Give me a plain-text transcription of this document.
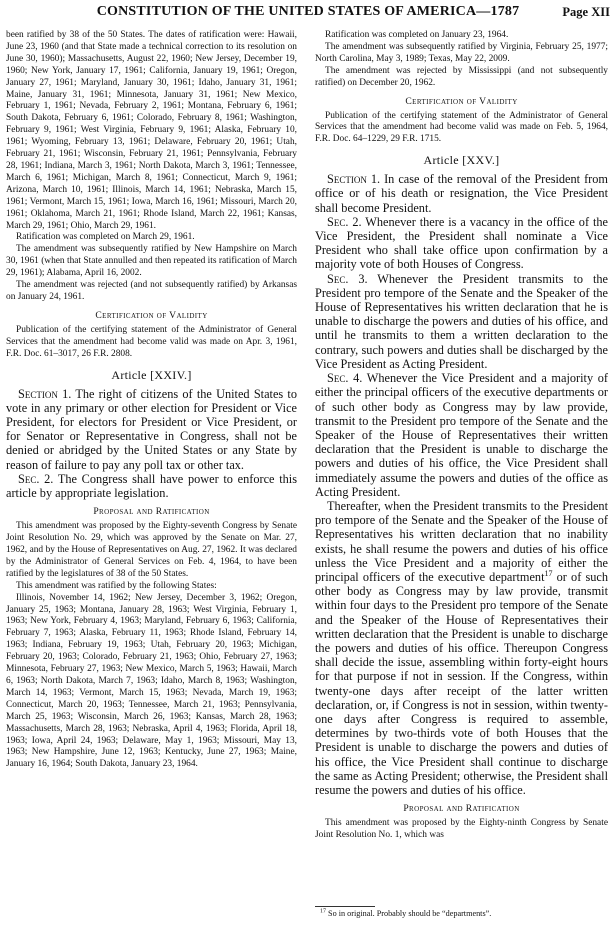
CONSTITUTION OF THE UNITED STATES OF AMERICA—1787	Page XII

been ratified by 38 of the 50 States. The dates of ratification were: Hawaii, June 23, 1960 (and that State made a technical correction to its resolution on June 30, 1960); Massachusetts, August 22, 1960; New Jersey, December 19, 1960; New York, January 17, 1961; California, January 19, 1961; Oregon, January 27, 1961; Maryland, January 30, 1961; Idaho, January 31, 1961; Maine, January 31, 1961; Minnesota, January 31, 1961; New Mexico, February 1, 1961; Nevada, February 2, 1961; Montana, February 6, 1961; South Dakota, February 6, 1961; Colorado, February 8, 1961; Washington, February 9, 1961; West Virginia, February 9, 1961; Alaska, February 10, 1961; Wyoming, February 13, 1961; Delaware, February 20, 1961; Utah, February 21, 1961; Wisconsin, February 21, 1961; Pennsylvania, February 28, 1961; Indiana, March 3, 1961; North Dakota, March 3, 1961; Tennessee, March 6, 1961; Michigan, March 8, 1961; Connecticut, March 9, 1961; Arizona, March 10, 1961; Illinois, March 14, 1961; Nebraska, March 15, 1961; Vermont, March 15, 1961; Iowa, March 16, 1961; Missouri, March 20, 1961; Oklahoma, March 21, 1961; Rhode Island, March 22, 1961; Kansas, March 29, 1961; Ohio, March 29, 1961.

Ratification was completed on March 29, 1961.

The amendment was subsequently ratified by New Hampshire on March 30, 1961 (when that State annulled and then repeated its ratification of March 29, 1961); Alabama, April 16, 2002.

The amendment was rejected (and not subsequently ratified) by Arkansas on January 24, 1961.

Certification of Validity

Publication of the certifying statement of the Administrator of General Services that the amendment had become valid was made on Apr. 3, 1961, F.R. Doc. 61–3017, 26 F.R. 2808.

Article [XXIV.]

Section 1. The right of citizens of the United States to vote in any primary or other election for President or Vice President, for electors for President or Vice President, or for Senator or Representative in Congress, shall not be denied or abridged by the United States or any State by reason of failure to pay any poll tax or other tax.

Sec. 2. The Congress shall have power to enforce this article by appropriate legislation.

Proposal and Ratification

This amendment was proposed by the Eighty-seventh Congress by Senate Joint Resolution No. 29, which was approved by the Senate on Mar. 27, 1962, and by the House of Representatives on Aug. 27, 1962. It was declared by the Administrator of General Services on Feb. 4, 1964, to have been ratified by the legislatures of 38 of the 50 States.

This amendment was ratified by the following States:

Illinois, November 14, 1962; New Jersey, December 3, 1962; Oregon, January 25, 1963; Montana, January 28, 1963; West Virginia, February 1, 1963; New York, February 4, 1963; Maryland, February 6, 1963; California, February 7, 1963; Alaska, February 11, 1963; Rhode Island, February 14, 1963; Indiana, February 19, 1963; Utah, February 20, 1963; Michigan, February 20, 1963; Colorado, February 21, 1963; Ohio, February 27, 1963; Minnesota, February 27, 1963; New Mexico, March 5, 1963; Hawaii, March 6, 1963; North Dakota, March 7, 1963; Idaho, March 8, 1963; Washington, March 14, 1963; Vermont, March 15, 1963; Nevada, March 19, 1963; Connecticut, March 20, 1963; Tennessee, March 21, 1963; Pennsylvania, March 25, 1963; Wisconsin, March 26, 1963; Kansas, March 28, 1963; Massachusetts, March 28, 1963; Nebraska, April 4, 1963; Florida, April 18, 1963; Iowa, April 24, 1963; Delaware, May 1, 1963; Missouri, May 13, 1963; New Hampshire, June 12, 1963; Kentucky, June 27, 1963; Maine, January 16, 1964; South Dakota, January 23, 1964.

Ratification was completed on January 23, 1964.

The amendment was subsequently ratified by Virginia, February 25, 1977; North Carolina, May 3, 1989; Texas, May 22, 2009.

The amendment was rejected by Mississippi (and not subsequently ratified) on December 20, 1962.

Certification of Validity

Publication of the certifying statement of the Administrator of General Services that the amendment had become valid was made on Feb. 5, 1964, F.R. Doc. 64–1229, 29 F.R. 1715.

Article [XXV.]

Section 1. In case of the removal of the President from office or of his death or resignation, the Vice President shall become President.

Sec. 2. Whenever there is a vacancy in the office of the Vice President, the President shall nominate a Vice President who shall take office upon confirmation by a majority vote of both Houses of Congress.

Sec. 3. Whenever the President transmits to the President pro tempore of the Senate and the Speaker of the House of Representatives his written declaration that he is unable to discharge the powers and duties of his office, and until he transmits to them a written declaration to the contrary, such powers and duties shall be discharged by the Vice President as Acting President.

Sec. 4. Whenever the Vice President and a majority of either the principal officers of the executive departments or of such other body as Congress may by law provide, transmit to the President pro tempore of the Senate and the Speaker of the House of Representatives their written declaration that the President is unable to discharge the powers and duties of his office, the Vice President shall immediately assume the powers and duties of the office as Acting President.

Thereafter, when the President transmits to the President pro tempore of the Senate and the Speaker of the House of Representatives his written declaration that no inability exists, he shall resume the powers and duties of his office unless the Vice President and a majority of either the principal officers of the executive department$^{17}$ or of such other body as Congress may by law provide, transmit within four days to the President pro tempore of the Senate and the Speaker of the House of Representatives their written declaration that the President is unable to discharge the powers and duties of his office. Thereupon Congress shall decide the issue, assembling within forty-eight hours for that purpose if not in session. If the Congress, within twenty-one days after receipt of the latter written declaration, or, if Congress is not in session, within twenty-one days after Congress is required to assemble, determines by two-thirds vote of both Houses that the President is unable to discharge the powers and duties of his office, the Vice President shall continue to discharge the same as Acting President; otherwise, the President shall resume the powers and duties of his office.

Proposal and Ratification

This amendment was proposed by the Eighty-ninth Congress by Senate Joint Resolution No. 1, which was

$^{17}$ So in original. Probably should be “departments”.
